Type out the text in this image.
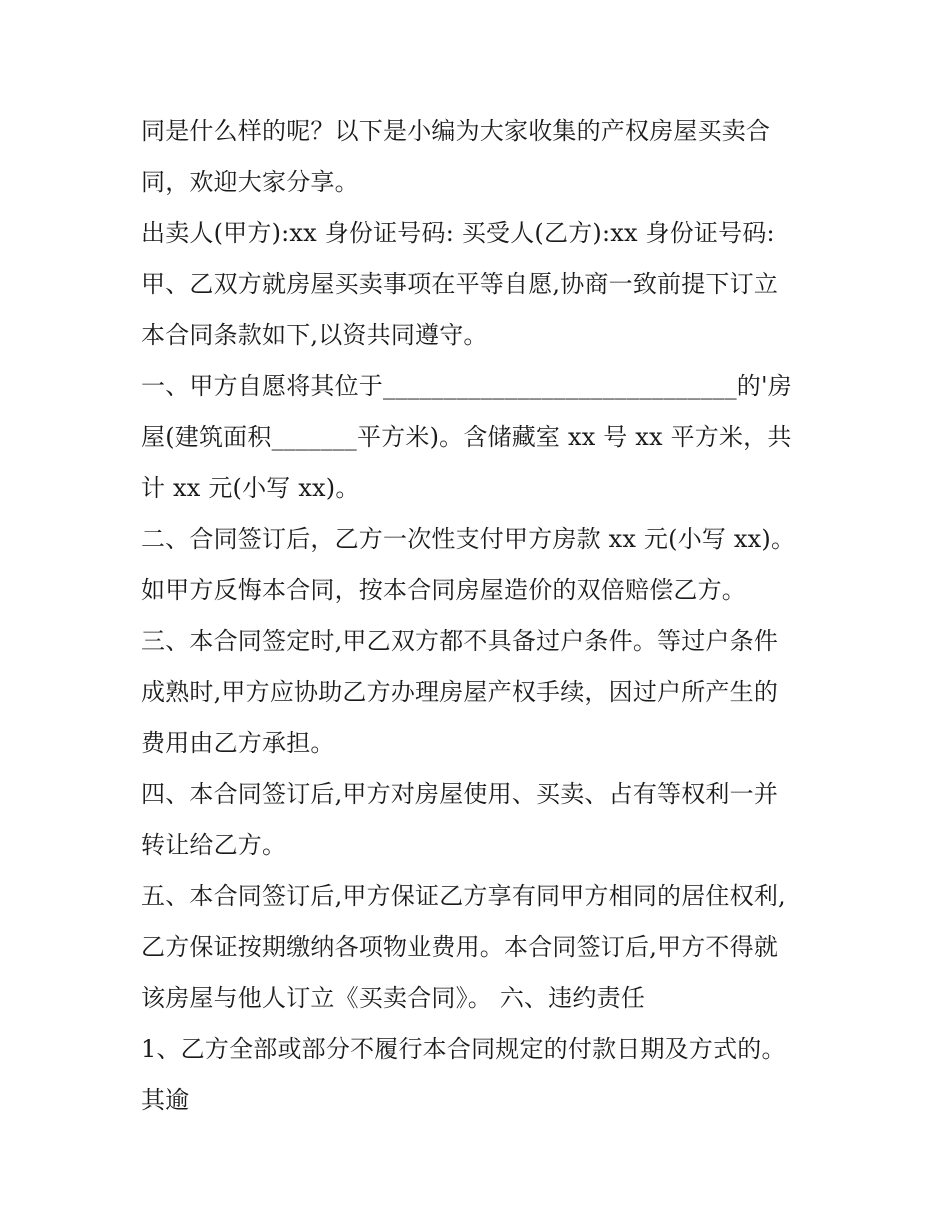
同是什么样的呢？以下是小编为大家收集的产权房屋买卖合
同，欢迎大家分享。
出卖人(甲方):xx 身份证号码: 买受人(乙方):xx 身份证号码:
甲、乙双方就房屋买卖事项在平等自愿,协商一致前提下订立
本合同条款如下,以资共同遵守。
一、甲方自愿将其位于_____________________________的'房
屋(建筑面积_______平方米)。含储藏室 xx 号 xx 平方米，共
计 xx 元(小写 xx)。
二、合同签订后，乙方一次性支付甲方房款 xx 元(小写 xx)。
如甲方反悔本合同，按本合同房屋造价的双倍赔偿乙方。
三、本合同签定时,甲乙双方都不具备过户条件。等过户条件
成熟时,甲方应协助乙方办理房屋产权手续，因过户所产生的
费用由乙方承担。
四、本合同签订后,甲方对房屋使用、买卖、占有等权利一并
转让给乙方。
五、本合同签订后,甲方保证乙方享有同甲方相同的居住权利,
乙方保证按期缴纳各项物业费用。本合同签订后,甲方不得就
该房屋与他人订立《买卖合同》。 六、违约责任
1、乙方全部或部分不履行本合同规定的付款日期及方式的。
其逾
